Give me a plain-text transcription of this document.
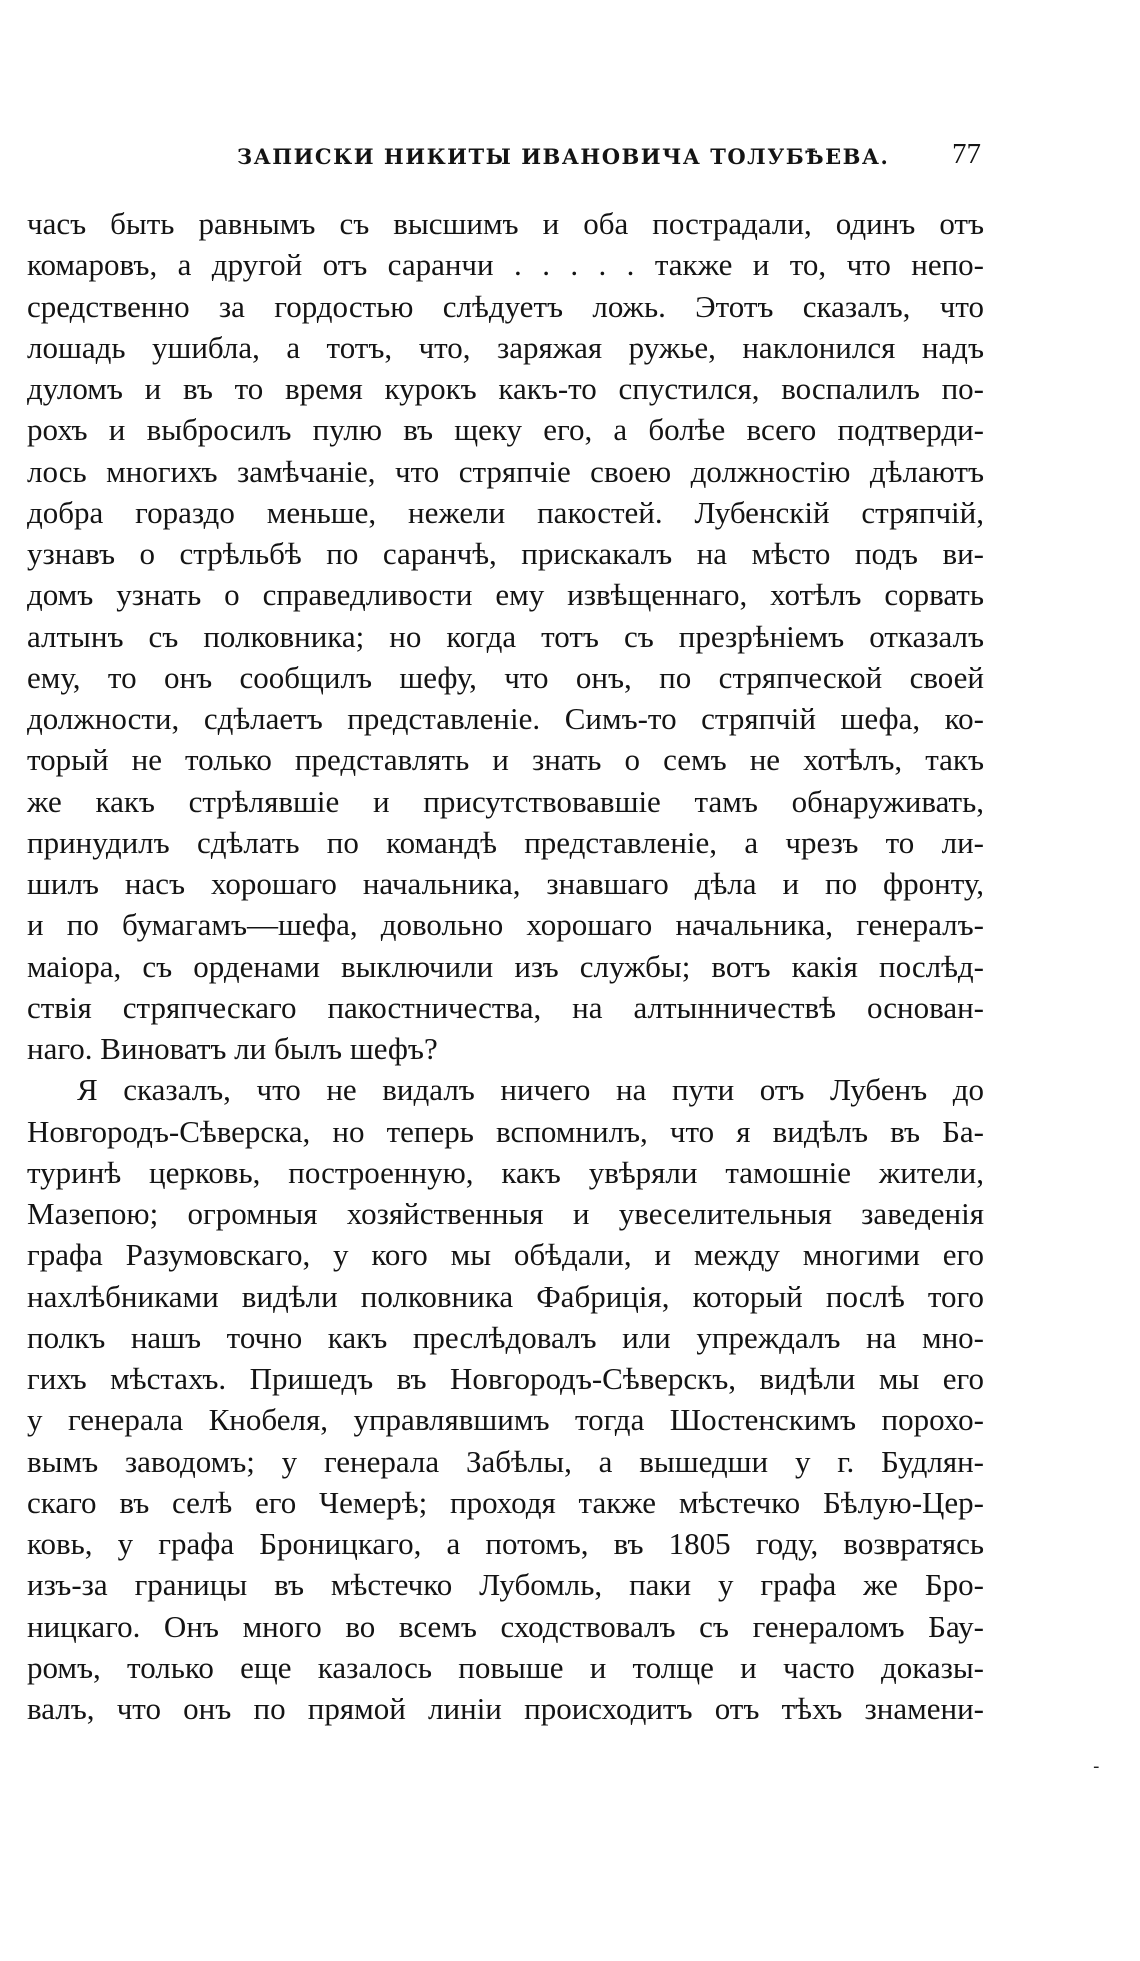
ЗАПИСКИ НИКИТЫ ИВАНОВИЧА ТОЛУБѢЕВА. 77
часъ быть равнымъ съ высшимъ и оба пострадали, одинъ отъ
комаровъ, а другой отъ саранчи . . . . . также и то, что непо-
средственно за гордостью слѣдуетъ ложь. Этотъ сказалъ, что
лошадь ушибла, а тотъ, что, заряжая ружье, наклонился надъ
дуломъ и въ то время курокъ какъ-то спустился, воспалилъ по-
рохъ и выбросилъ пулю въ щеку его, а болѣе всего подтверди-
лось многихъ замѣчаніе, что стряпчіе своею должностію дѣлаютъ
добра гораздо меньше, нежели пакостей. Лубенскій стряпчій,
узнавъ о стрѣльбѣ по саранчѣ, прискакалъ на мѣсто подъ ви-
домъ узнать о справедливости ему извѣщеннаго, хотѣлъ сорвать
алтынъ съ полковника; но когда тотъ съ презрѣніемъ отказалъ
ему, то онъ сообщилъ шефу, что онъ, по стряпческой своей
должности, сдѣлаетъ представленіе. Симъ-то стряпчій шефа, ко-
торый не только представлять и знать о семъ не хотѣлъ, такъ
же какъ стрѣлявшіе и присутствовавшіе тамъ обнаруживать,
принудилъ сдѣлать по командѣ представленіе, а чрезъ то ли-
шилъ насъ хорошаго начальника, знавшаго дѣла и по фронту,
и по бумагамъ—шефа, довольно хорошаго начальника, генералъ-
маіора, съ орденами выключили изъ службы; вотъ какія послѣд-
ствія стряпческаго пакостничества, на алтынничествѣ основан-
наго. Виноватъ ли былъ шефъ?
Я сказалъ, что не видалъ ничего на пути отъ Лубенъ до
Новгородъ-Сѣверска, но теперь вспомнилъ, что я видѣлъ въ Ба-
туринѣ церковь, построенную, какъ увѣряли тамошніе жители,
Мазепою; огромныя хозяйственныя и увеселительныя заведенія
графа Разумовскаго, у кого мы обѣдали, и между многими его
нахлѣбниками видѣли полковника Фабриція, который послѣ того
полкъ нашъ точно какъ преслѣдовалъ или упреждалъ на мно-
гихъ мѣстахъ. Пришедъ въ Новгородъ-Сѣверскъ, видѣли мы его
у генерала Кнобеля, управлявшимъ тогда Шостенскимъ порохо-
вымъ заводомъ; у генерала Забѣлы, а вышедши у г. Будлян-
скаго въ селѣ его Чемерѣ; проходя также мѣстечко Бѣлую-Цер-
ковь, у графа Броницкаго, а потомъ, въ 1805 году, возвратясь
изъ-за границы въ мѣстечко Лубомль, паки у графа же Бро-
ницкаго. Онъ много во всемъ сходствовалъ съ генераломъ Бау-
ромъ, только еще казалось повыше и толще и часто доказы-
валъ, что онъ по прямой линіи происходитъ отъ тѣхъ знамени-
-
